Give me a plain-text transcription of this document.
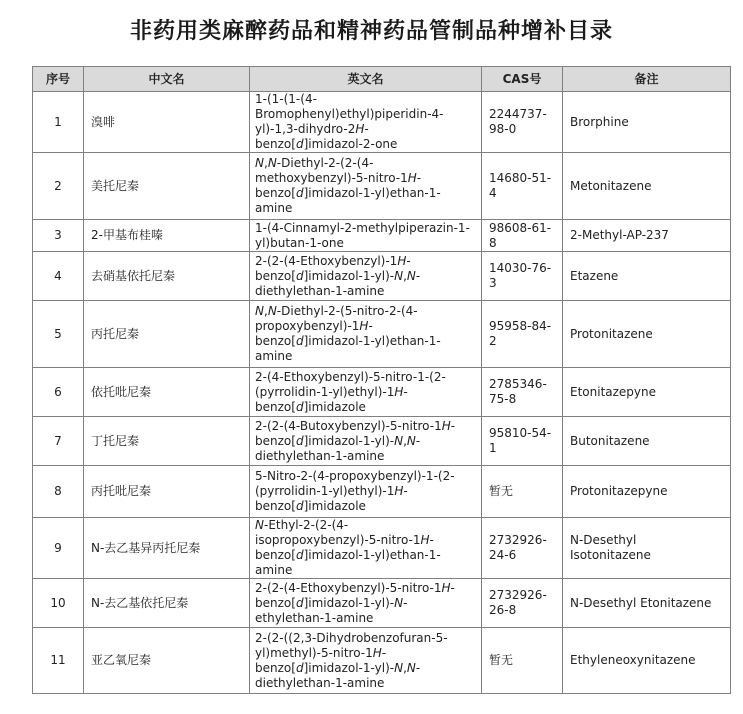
非药用类麻醉药品和精神药品管制品种增补目录
序号	中文名	英文名	CAS号	备注
1	溴啡	1-(1-(1-(4-
Bromophenyl)ethyl)piperidin-4-
yl)-1,3-dihydro-2H-
benzo[d]imidazol-2-one	2244737-98-0	Brorphine
2	美托尼秦	N,N-Diethyl-2-(2-(4-
methoxybenzyl)-5-nitro-1H-
benzo[d]imidazol-1-yl)ethan-1-
amine	14680-51-4	Metonitazene
3	2-甲基布桂嗪	1-(4-Cinnamyl-2-methylpiperazin-1-
yl)butan-1-one	98608-61-8	2-Methyl-AP-237
4	去硝基依托尼秦	2-(2-(4-Ethoxybenzyl)-1H-
benzo[d]imidazol-1-yl)-N,N-
diethylethan-1-amine	14030-76-3	Etazene
5	丙托尼秦	N,N-Diethyl-2-(5-nitro-2-(4-
propoxybenzyl)-1H-
benzo[d]imidazol-1-yl)ethan-1-
amine	95958-84-2	Protonitazene
6	依托吡尼秦	2-(4-Ethoxybenzyl)-5-nitro-1-(2-
(pyrrolidin-1-yl)ethyl)-1H-
benzo[d]imidazole	2785346-75-8	Etonitazepyne
7	丁托尼秦	2-(2-(4-Butoxybenzyl)-5-nitro-1H-
benzo[d]imidazol-1-yl)-N,N-
diethylethan-1-amine	95810-54-1	Butonitazene
8	丙托吡尼秦	5-Nitro-2-(4-propoxybenzyl)-1-(2-
(pyrrolidin-1-yl)ethyl)-1H-
benzo[d]imidazole	暂无	Protonitazepyne
9	N-去乙基异丙托尼秦	N-Ethyl-2-(2-(4-
isopropoxybenzyl)-5-nitro-1H-
benzo[d]imidazol-1-yl)ethan-1-
amine	2732926-24-6	N-Desethyl
Isotonitazene
10	N-去乙基依托尼秦	2-(2-(4-Ethoxybenzyl)-5-nitro-1H-
benzo[d]imidazol-1-yl)-N-
ethylethan-1-amine	2732926-26-8	N-Desethyl Etonitazene
11	亚乙氧尼秦	2-(2-((2,3-Dihydrobenzofuran-5-
yl)methyl)-5-nitro-1H-
benzo[d]imidazol-1-yl)-N,N-
diethylethan-1-amine	暂无	Ethyleneoxynitazene
